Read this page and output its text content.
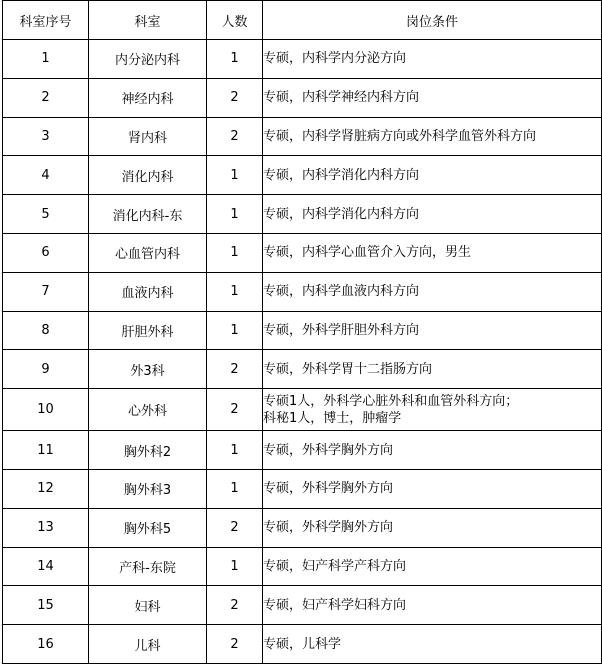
科室序号	科室	人数	岗位条件
1	内分泌内科	1	专硕，内科学内分泌方向
2	神经内科	2	专硕，内科学神经内科方向
3	肾内科	2	专硕，内科学肾脏病方向或外科学血管外科方向
4	消化内科	1	专硕，内科学消化内科方向
5	消化内科-东	1	专硕，内科学消化内科方向
6	心血管内科	1	专硕，内科学心血管介入方向，男生
7	血液内科	1	专硕，内科学血液内科方向
8	肝胆外科	1	专硕，外科学肝胆外科方向
9	外3科	2	专硕，外科学胃十二指肠方向
10	心外科	2	专硕1人，外科学心脏外科和血管外科方向；
科秘1人，博士，肿瘤学

11	胸外科2	1	专硕，外科学胸外方向
12	胸外科3	1	专硕，外科学胸外方向
13	胸外科5	2	专硕，外科学胸外方向
14	产科-东院	1	专硕，妇产科学产科方向
15	妇科	2	专硕，妇产科学妇科方向
16	儿科	2	专硕，儿科学
